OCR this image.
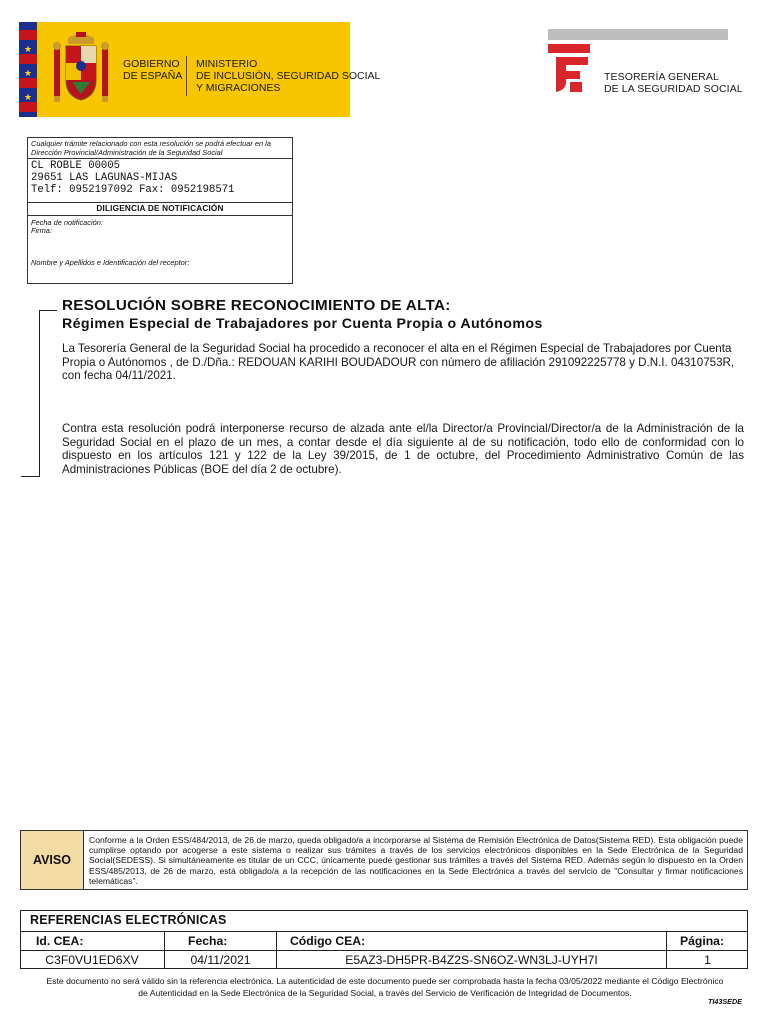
★
★
★
GOBIERNO
DE ESPAÑA
MINISTERIO
DE INCLUSIÓN, SEGURIDAD SOCIAL
Y MIGRACIONES
TESORERÍA GENERAL
DE LA SEGURIDAD SOCIAL
Cualquier trámite relacionado con esta resolución se podrá efectuar en la Dirección Provincial/Administración de la Seguridad Social
CL ROBLE 00005
29651 LAS LAGUNAS-MIJAS
Telf: 0952197092 Fax: 0952198571
DILIGENCIA DE NOTIFICACIÓN
Fecha de notificación:
Firma:
Nombre y Apellidos e Identificación del receptor:
RESOLUCIÓN SOBRE RECONOCIMIENTO DE ALTA:
Régimen Especial de Trabajadores por Cuenta Propia o Autónomos
La Tesorería General de la Seguridad Social ha procedido a reconocer el alta en el Régimen Especial de Trabajadores por Cuenta Propia o Autónomos , de D./Dña.: REDOUAN KARIHI BOUDADOUR con número de afiliación 291092225778 y D.N.I. 04310753R, con fecha 04/11/2021.
Contra esta resolución podrá interponerse recurso de alzada ante el/la Director/a Provincial/Director/a de la Administración de la Seguridad Social en el plazo de un mes, a contar desde el día siguiente al de su notificación, todo ello de conformidad con lo dispuesto en los artículos 121 y 122 de la Ley 39/2015, de 1 de octubre, del Procedimiento Administrativo Común de las Administraciones Públicas (BOE del día 2 de octubre).
AVISO
Conforme a la Orden ESS/484/2013, de 26 de marzo, queda obligado/a a incorporarse al Sistema de Remisión Electrónica de Datos(Sistema RED). Esta obligación puede cumplirse optando por acogerse a este sistema o realizar sus trámites a través de los servicios electrónicos disponibles en la Sede Electrónica de la Seguridad Social(SEDESS). Si simultáneamente es titular de un CCC, únicamente puede gestionar sus trámites a través del Sistema RED. Además según lo dispuesto en la Orden ESS/485/2013, de 26 de marzo, está obligado/a a la recepción de las notificaciones en la Sede Electrónica a través del servicio de "Consultar y firmar notificaciones telemáticas".
REFERENCIAS ELECTRÓNICAS
Id. CEA:	Fecha:	Código CEA:	Página:
C3F0VU1ED6XV	04/11/2021	E5AZ3-DH5PR-B4Z2S-SN6OZ-WN3LJ-UYH7I	1
Este documento no será válido sin la referencia electrónica. La autenticidad de este documento puede ser comprobada hasta la fecha 03/05/2022 mediante el Código Electrónico
de Autenticidad en la Sede Electrónica de la Seguridad Social, a través del Servicio de Verificación de Integridad de Documentos.
TI43SEDE
